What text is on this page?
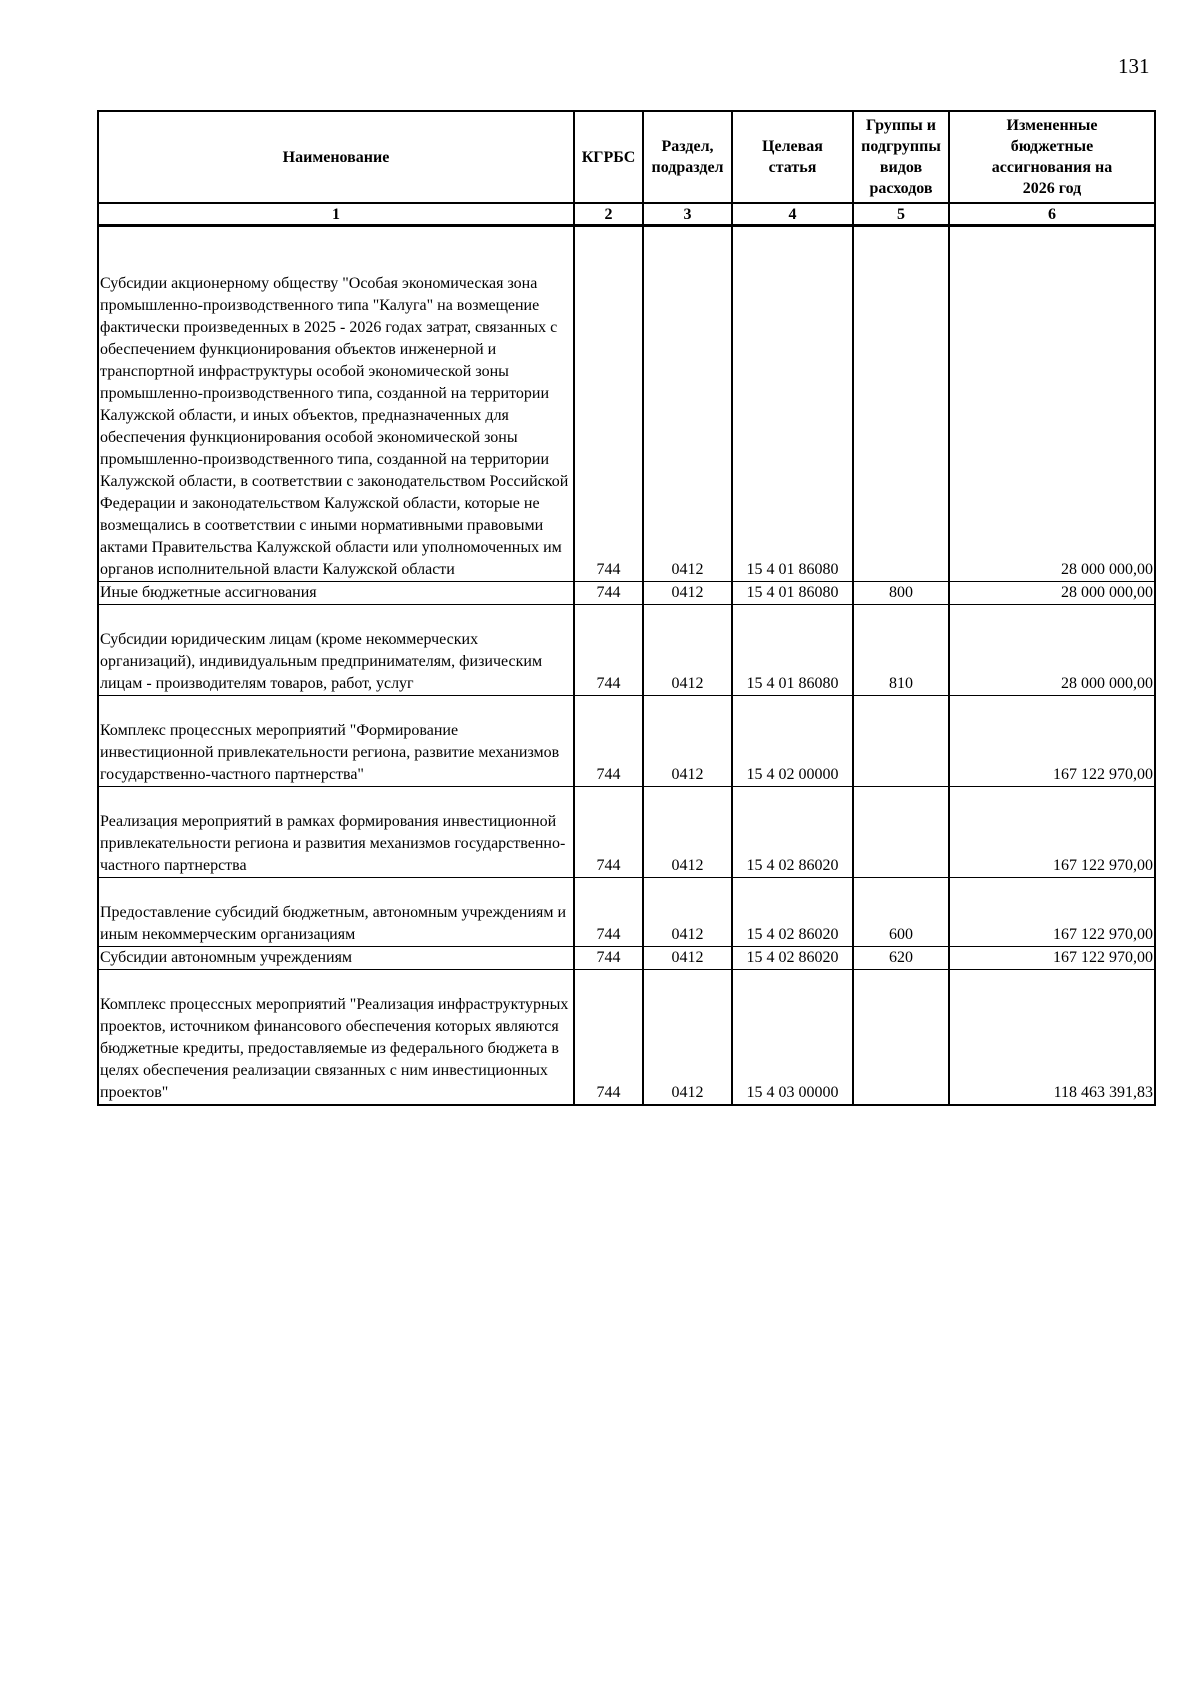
131
Наименование	КГРБС	Раздел, подраздел	Целевая статья	Группы и подгруппы видов расходов	Измененные бюджетные ассигнования на 2026 год
1	2	3	4	5	6
Субсидии акционерному обществу "Особая экономическая зона промышленно-производственного типа "Калуга" на возмещение фактически произведенных в 2025 - 2026 годах затрат, связанных с обеспечением функционирования объектов инженерной и транспортной инфраструктуры особой экономической зоны промышленно-производственного типа, созданной на территории Калужской области, и иных объектов, предназначенных для обеспечения функционирования особой экономической зоны промышленно-производственного типа, созданной на территории Калужской области, в соответствии с законодательством Российской Федерации и законодательством Калужской области, которые не возмещались в соответствии с иными нормативными правовыми актами Правительства Калужской области или уполномоченных им органов исполнительной власти Калужской области	744	0412	15 4 01 86080		28 000 000,00
Иные бюджетные ассигнования	744	0412	15 4 01 86080	800	28 000 000,00
Субсидии юридическим лицам (кроме некоммерческих организаций), индивидуальным предпринимателям, физическим лицам - производителям товаров, работ, услуг	744	0412	15 4 01 86080	810	28 000 000,00
Комплекс процессных мероприятий "Формирование инвестиционной привлекательности региона, развитие механизмов государственно-частного партнерства"	744	0412	15 4 02 00000		167 122 970,00
Реализация мероприятий в рамках формирования инвестиционной привлекательности региона и развития механизмов государственно-частного партнерства	744	0412	15 4 02 86020		167 122 970,00
Предоставление субсидий бюджетным, автономным учреждениям и иным некоммерческим организациям	744	0412	15 4 02 86020	600	167 122 970,00
Субсидии автономным учреждениям	744	0412	15 4 02 86020	620	167 122 970,00
Комплекс процессных мероприятий "Реализация инфраструктурных проектов, источником финансового обеспечения которых являются бюджетные кредиты, предоставляемые из федерального бюджета в целях обеспечения реализации связанных с ним инвестиционных проектов"	744	0412	15 4 03 00000		118 463 391,83
